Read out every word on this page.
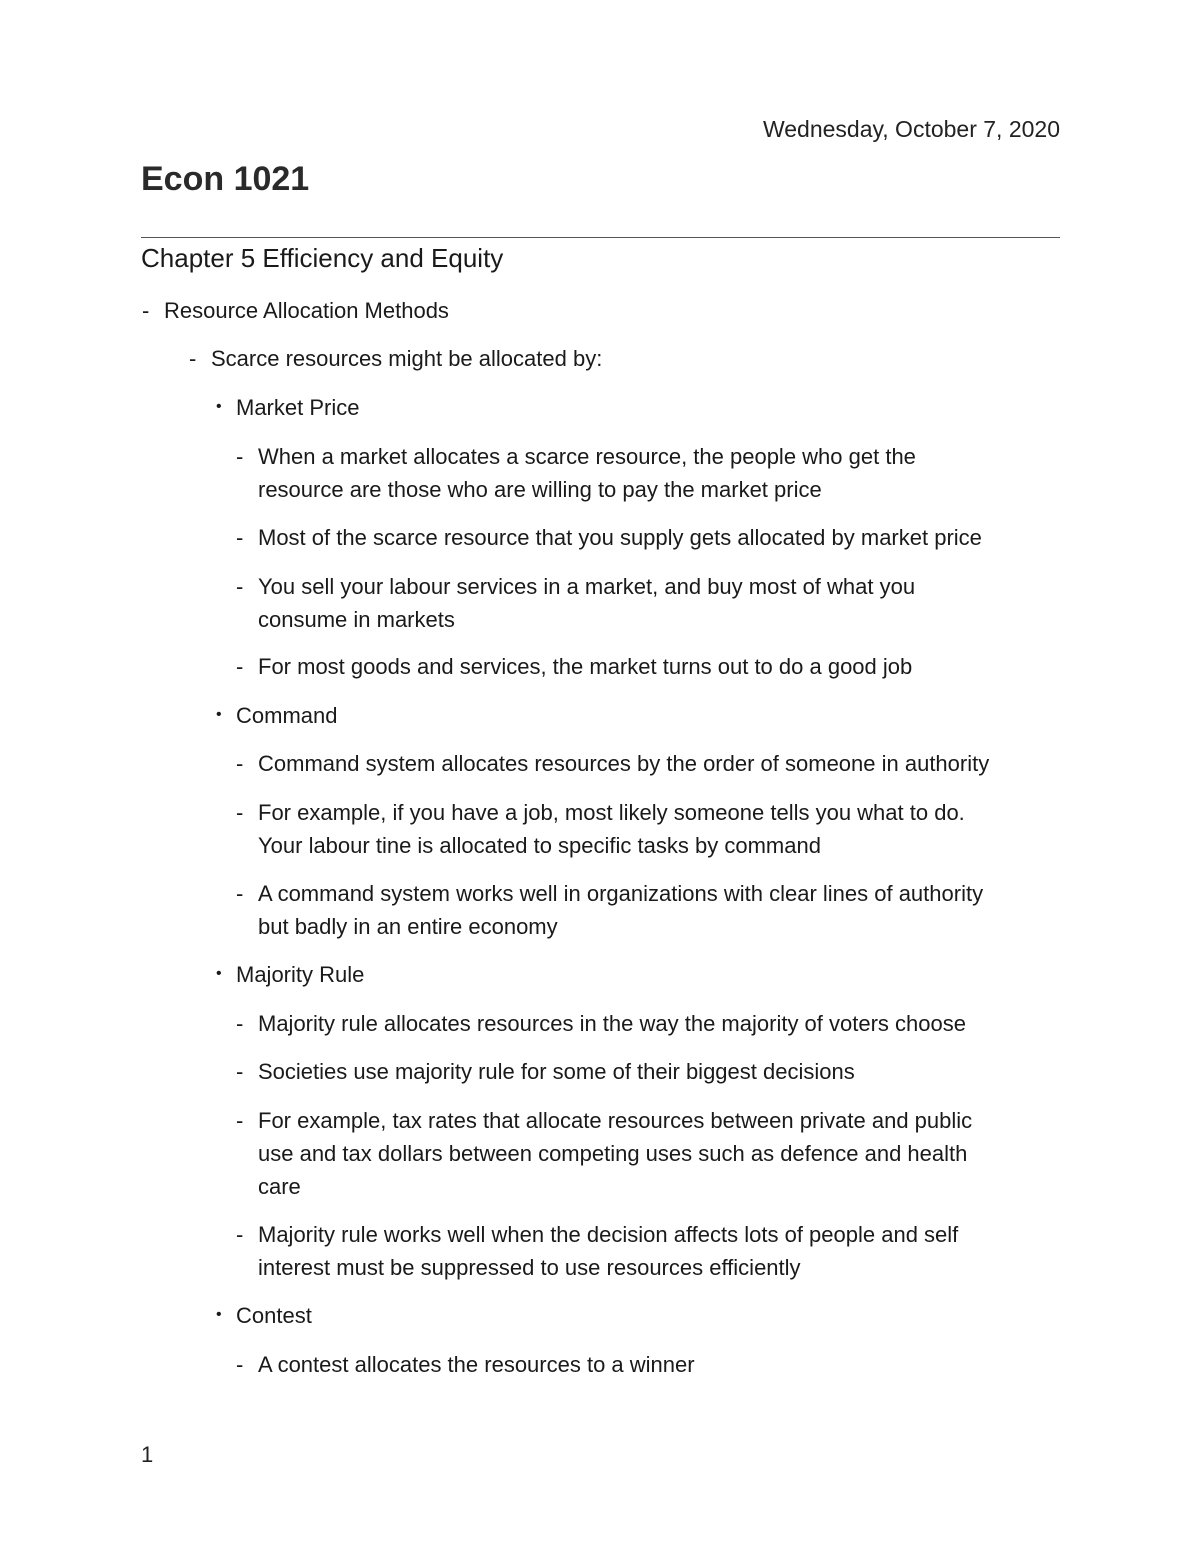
Wednesday, October 7, 2020
Econ 1021
Chapter 5 Efficiency and Equity
- Resource Allocation Methods
- Scarce resources might be allocated by:
• Market Price
- When a market allocates a scarce resource, the people who get the
resource are those who are willing to pay the market price
- Most of the scarce resource that you supply gets allocated by market price
- You sell your labour services in a market, and buy most of what you
consume in markets
- For most goods and services, the market turns out to do a good job
• Command
- Command system allocates resources by the order of someone in authority
- For example, if you have a job, most likely someone tells you what to do.
Your labour tine is allocated to specific tasks by command
- A command system works well in organizations with clear lines of authority
but badly in an entire economy
• Majority Rule
- Majority rule allocates resources in the way the majority of voters choose
- Societies use majority rule for some of their biggest decisions
- For example, tax rates that allocate resources between private and public
use and tax dollars between competing uses such as defence and health
care
- Majority rule works well when the decision affects lots of people and self
interest must be suppressed to use resources efficiently
• Contest
- A contest allocates the resources to a winner
1
